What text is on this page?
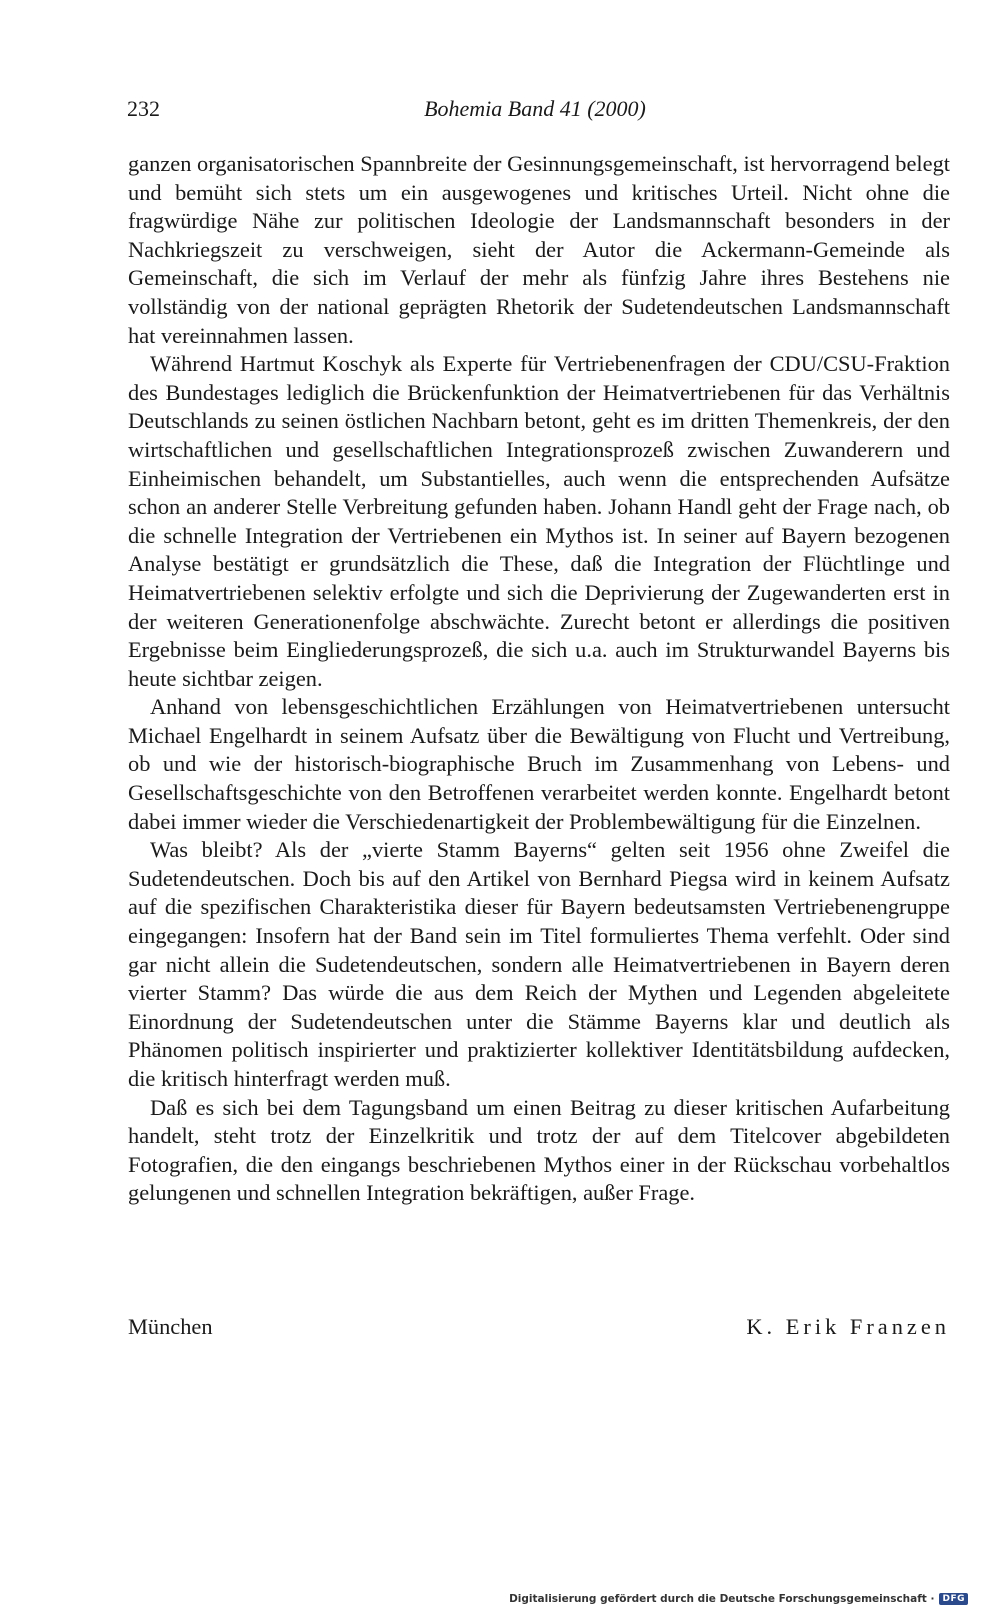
232	Bohemia Band 41 (2000)

ganzen organisatorischen Spannbreite der Gesinnungsgemeinschaft, ist hervorragend belegt und bemüht sich stets um ein ausgewogenes und kritisches Urteil. Nicht ohne die fragwürdige Nähe zur politischen Ideologie der Landsmannschaft besonders in der Nachkriegszeit zu verschweigen, sieht der Autor die Ackermann-Gemeinde als Gemeinschaft, die sich im Verlauf der mehr als fünfzig Jahre ihres Bestehens nie vollständig von der national geprägten Rhetorik der Sudetendeutschen Landsmannschaft hat vereinnahmen lassen.

Während Hartmut Koschyk als Experte für Vertriebenenfragen der CDU/CSU-Fraktion des Bundestages lediglich die Brückenfunktion der Heimatvertriebenen für das Verhältnis Deutschlands zu seinen östlichen Nachbarn betont, geht es im dritten Themenkreis, der den wirtschaftlichen und gesellschaftlichen Integrationsprozeß zwischen Zuwanderern und Einheimischen behandelt, um Substantielles, auch wenn die entsprechenden Aufsätze schon an anderer Stelle Verbreitung gefunden haben. Johann Handl geht der Frage nach, ob die schnelle Integration der Vertriebenen ein Mythos ist. In seiner auf Bayern bezogenen Analyse bestätigt er grundsätzlich die These, daß die Integration der Flüchtlinge und Heimatvertriebenen selektiv erfolgte und sich die Deprivierung der Zugewanderten erst in der weiteren Generationenfolge abschwächte. Zurecht betont er allerdings die positiven Ergebnisse beim Eingliederungsprozeß, die sich u.a. auch im Strukturwandel Bayerns bis heute sichtbar zeigen.

Anhand von lebensgeschichtlichen Erzählungen von Heimatvertriebenen untersucht Michael Engelhardt in seinem Aufsatz über die Bewältigung von Flucht und Vertreibung, ob und wie der historisch-biographische Bruch im Zusammenhang von Lebens- und Gesellschaftsgeschichte von den Betroffenen verarbeitet werden konnte. Engelhardt betont dabei immer wieder die Verschiedenartigkeit der Problembewältigung für die Einzelnen.

Was bleibt? Als der „vierte Stamm Bayerns“ gelten seit 1956 ohne Zweifel die Sudetendeutschen. Doch bis auf den Artikel von Bernhard Piegsa wird in keinem Aufsatz auf die spezifischen Charakteristika dieser für Bayern bedeutsamsten Vertriebenengruppe eingegangen: Insofern hat der Band sein im Titel formuliertes Thema verfehlt. Oder sind gar nicht allein die Sudetendeutschen, sondern alle Heimatvertriebenen in Bayern deren vierter Stamm? Das würde die aus dem Reich der Mythen und Legenden abgeleitete Einordnung der Sudetendeutschen unter die Stämme Bayerns klar und deutlich als Phänomen politisch inspirierter und praktizierter kollektiver Identitätsbildung aufdecken, die kritisch hinterfragt werden muß.

Daß es sich bei dem Tagungsband um einen Beitrag zu dieser kritischen Aufarbeitung handelt, steht trotz der Einzelkritik und trotz der auf dem Titelcover abgebildeten Fotografien, die den eingangs beschriebenen Mythos einer in der Rückschau vorbehaltlos gelungenen und schnellen Integration bekräftigen, außer Frage.

München	K. Erik Franzen
Digitalisierung gefördert durch die Deutsche Forschungsgemeinschaft · DFG
